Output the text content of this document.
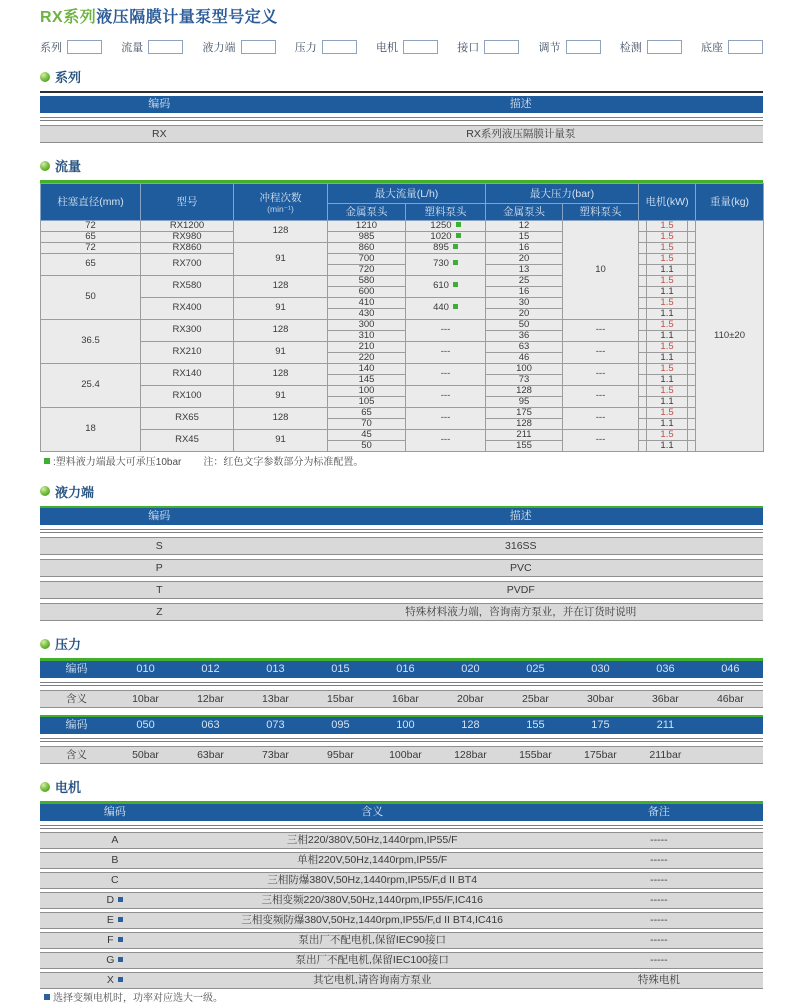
RX系列液压隔膜计量泵型号定义
系列	流量	液力端	压力	电机	接口	调节	检测	底座
系列
编码	描述
RX	RX系列液压隔膜计量泵
流量
柱塞直径(mm)	型号	冲程次数
(min⁻¹)	最大流量(L/h)		最大压力(bar)		电机(kW)	重量(kg)
			金属泵头	塑料泵头	金属泵头	塑料泵头		
72	RX1200	128	1210	1250	12	10	1.5	110±20
65	RX980		985	1020	15		1.5	

72	RX860	91	860	895	16		1.5	

65	RX700		700	730	20		1.5	

			720		13		1.1	

50	RX580	128	580	610	25		1.5	

			600		16		1.1	

	RX400	91	410	440	30		1.5	

			430		20		1.1	

36.5	RX300	128	300	---	50	---	1.5	

			310		36		1.1	

	RX210	91	210	---	63	---	1.5	

			220		46		1.1	

25.4	RX140	128	140	---	100	---	1.5	

			145		73		1.1	

	RX100	91	100	---	128	---	1.5	

			105		95		1.1	

18	RX65	128	65	---	175	---	1.5	

			70		128		1.1	

	RX45	91	45	---	211	---	1.5	

			50		155		1.1	
:塑料液力端最大可承压10bar 注：红色文字参数部分为标准配置。
液力端
编码	描述
S	316SS
P	PVC
T	PVDF
Z	特殊材料液力端，咨询南方泵业，并在订货时说明
压力
编码	010	012	013	015	016	020	025	030	036	046
含义	10bar	12bar	13bar	15bar	16bar	20bar	25bar	30bar	36bar	46bar
编码	050	063	073	095	100	128	155	175	211
含义	50bar	63bar	73bar	95bar	100bar	128bar	155bar	175bar	211bar
电机
编码	含义	备注
A	三相220/380V,50Hz,1440rpm,IP55/F	-----
B	单相220V,50Hz,1440rpm,IP55/F	-----
C	三相防爆380V,50Hz,1440rpm,IP55/F,d II BT4	-----
D	三相变频220/380V,50Hz,1440rpm,IP55/F,IC416	-----
E	三相变频防爆380V,50Hz,1440rpm,IP55/F,d II BT4,IC416	-----
F	泵出厂不配电机,保留IEC90接口	-----
G	泵出厂不配电机,保留IEC100接口	-----
X	其它电机,请咨询南方泵业	特殊电机
选择变频电机时，功率对应选大一级。
